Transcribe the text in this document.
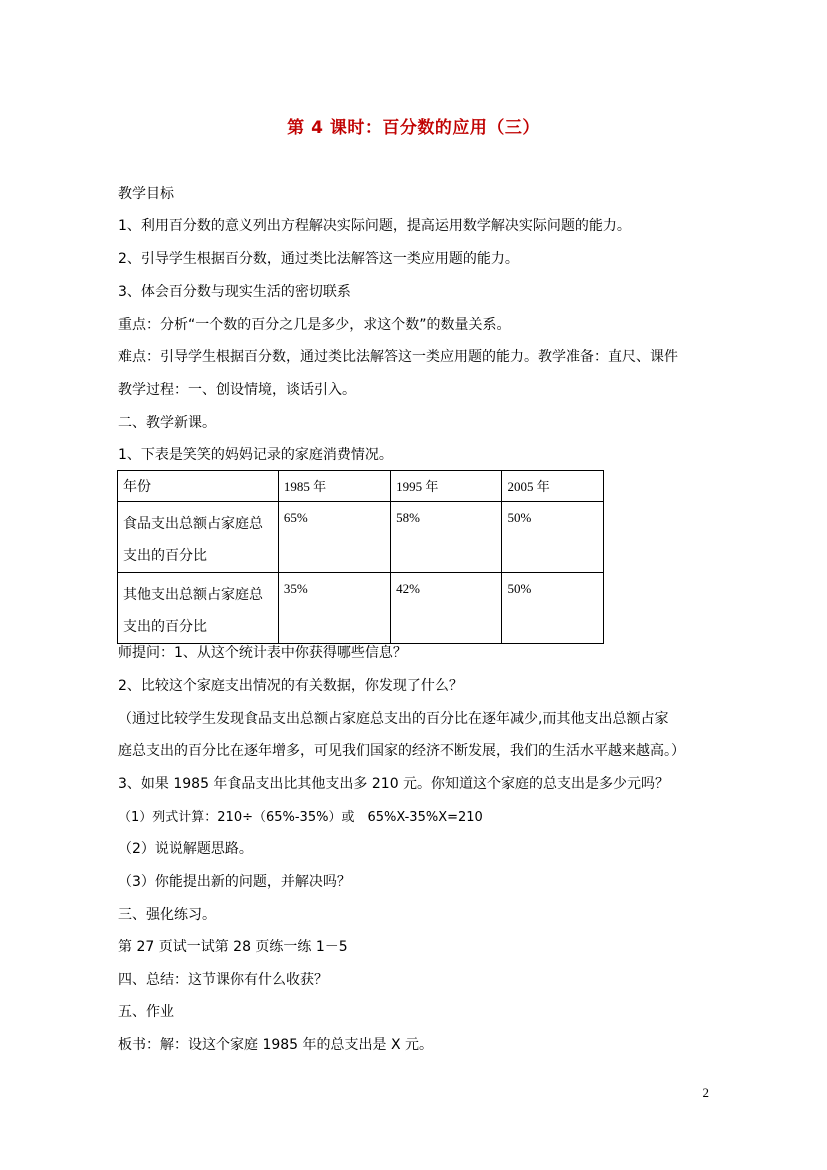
第 4 课时：百分数的应用（三）
教学目标
1、利用百分数的意义列出方程解决实际问题，提高运用数学解决实际问题的能力。
2、引导学生根据百分数，通过类比法解答这一类应用题的能力。
3、体会百分数与现实生活的密切联系
重点：分析“一个数的百分之几是多少，求这个数”的数量关系。
难点：引导学生根据百分数，通过类比法解答这一类应用题的能力。教学准备：直尺、课件
教学过程：一、创设情境，谈话引入。
二、教学新课。
1、下表是笑笑的妈妈记录的家庭消费情况。
年份	1985 年	1995 年	2005 年
食品支出总额占家庭总支出的百分比	65%	58%	50%
其他支出总额占家庭总支出的百分比	35%	42%	50%
师提问：1、从这个统计表中你获得哪些信息？
2、比较这个家庭支出情况的有关数据，你发现了什么？
（通过比较学生发现食品支出总额占家庭总支出的百分比在逐年减少,而其他支出总额占家
庭总支出的百分比在逐年增多，可见我们国家的经济不断发展，我们的生活水平越来越高。）
3、如果 1985 年食品支出比其他支出多 210 元。你知道这个家庭的总支出是多少元吗？
（1）列式计算：210÷（65%-35%）或　65%X-35%X=210
（2）说说解题思路。
（3）你能提出新的问题，并解决吗？
三、强化练习。
第 27 页试一试第 28 页练一练 1－5
四、总结：这节课你有什么收获？
五、作业
板书：解：设这个家庭 1985 年的总支出是 X 元。
2
